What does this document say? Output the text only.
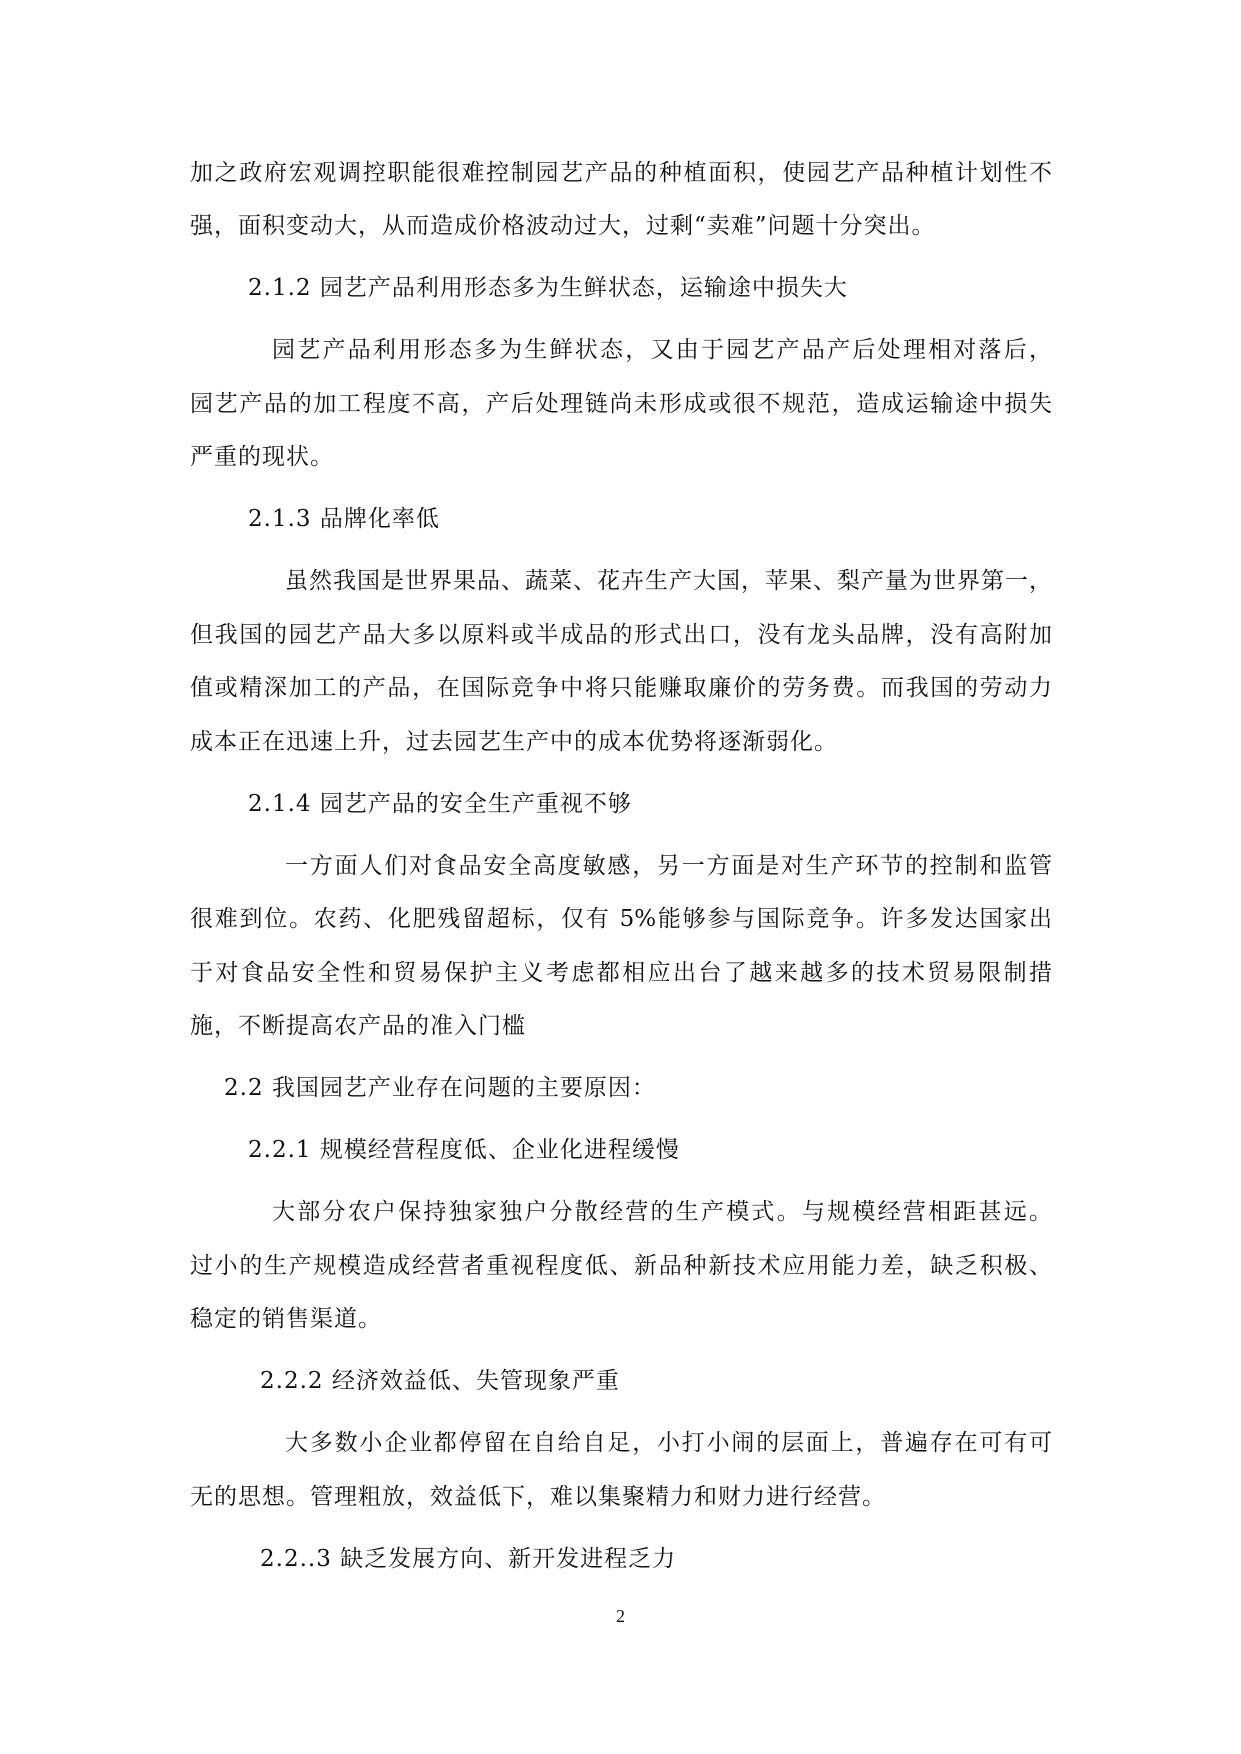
加之政府宏观调控职能很难控制园艺产品的种植面积，使园艺产品种植计划性不
强，面积变动大，从而造成价格波动过大，过剩“卖难”问题十分突出。
2.1.2 园艺产品利用形态多为生鲜状态，运输途中损失大
园艺产品利用形态多为生鲜状态，又由于园艺产品产后处理相对落后，
园艺产品的加工程度不高，产后处理链尚未形成或很不规范，造成运输途中损失
严重的现状。
2.1.3 品牌化率低
虽然我国是世界果品、蔬菜、花卉生产大国，苹果、梨产量为世界第一，
但我国的园艺产品大多以原料或半成品的形式出口，没有龙头品牌，没有高附加
值或精深加工的产品，在国际竞争中将只能赚取廉价的劳务费。而我国的劳动力
成本正在迅速上升，过去园艺生产中的成本优势将逐渐弱化。
2.1.4 园艺产品的安全生产重视不够
一方面人们对食品安全高度敏感，另一方面是对生产环节的控制和监管
很难到位。农药、化肥残留超标，仅有 5%能够参与国际竞争。许多发达国家出
于对食品安全性和贸易保护主义考虑都相应出台了越来越多的技术贸易限制措
施，不断提高农产品的准入门槛
2.2 我国园艺产业存在问题的主要原因：
2.2.1 规模经营程度低、企业化进程缓慢
大部分农户保持独家独户分散经营的生产模式。与规模经营相距甚远。
过小的生产规模造成经营者重视程度低、新品种新技术应用能力差，缺乏积极、
稳定的销售渠道。
2.2.2 经济效益低、失管现象严重
大多数小企业都停留在自给自足，小打小闹的层面上，普遍存在可有可
无的思想。管理粗放，效益低下，难以集聚精力和财力进行经营。
2.2..3 缺乏发展方向、新开发进程乏力
2
